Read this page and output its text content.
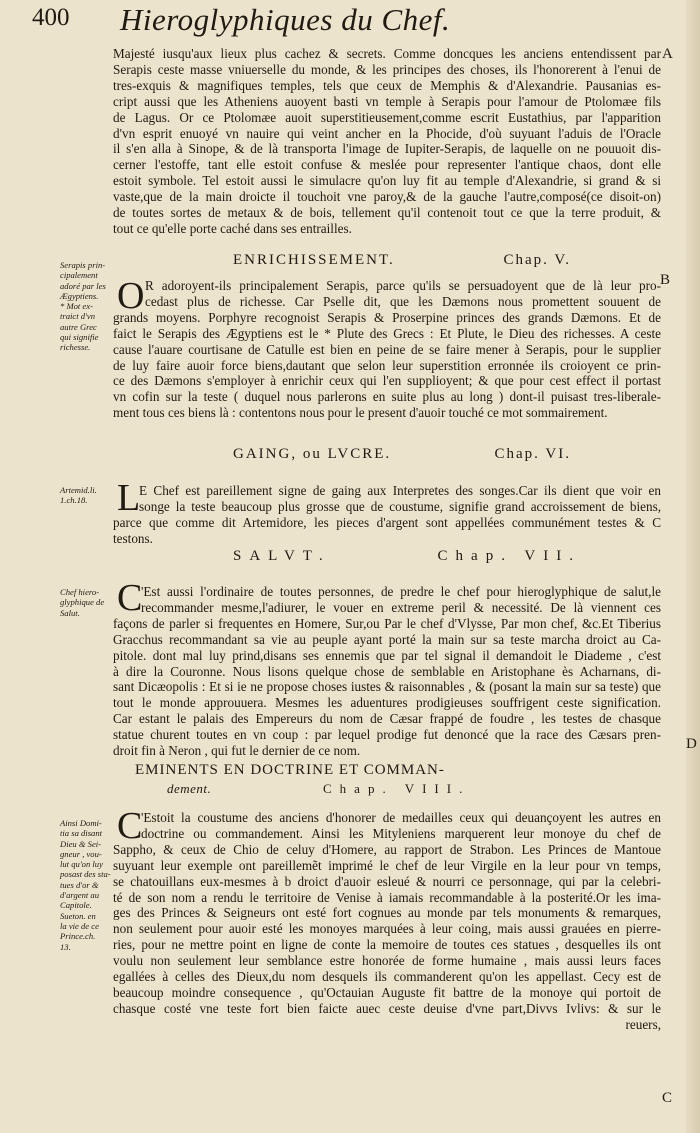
400 Hieroglyphiques du Chef.
A
B
C
D
Majesté iusqu'aux lieux plus cachez & secrets. Comme doncques les anciens entendissent par
Serapis ceste masse vniuerselle du monde, & les principes des choses, ils l'honorerent à l'enui de
tres-exquis & magnifiques temples, tels que ceux de Memphis & d'Alexandrie. Pausanias es-
cript aussi que les Atheniens auoyent basti vn temple à Serapis pour l'amour de Ptolomæe fils
de Lagus. Or ce Ptolomæe auoit superstitieusement,comme escrit Eustathius, par l'apparition
d'vn esprit enuoyé vn nauire qui veint ancher en la Phocide, d'où suyuant l'aduis de l'Oracle
il s'en alla à Sinope, & de là transporta l'image de Iupiter-Serapis, de laquelle on ne pouuoit dis-
cerner l'estoffe, tant elle estoit confuse & meslée pour representer l'antique chaos, dont elle
estoit symbole. Tel estoit aussi le simulacre qu'on luy fit au temple d'Alexandrie, si grand & si
vaste,que de la main droicte il touchoit vne paroy,& de la gauche l'autre,composé(ce disoit-on)
de toutes sortes de metaux & de bois, tellement qu'il contenoit tout ce que la terre produit, &
tout ce qu'elle porte caché dans ses entrailles.
ENRICHISSEMENT.	Chap. V.
Serapis prin-
cipalement
adoré par les
Ægyptiens.
* Mot ex-
traict d'vn
autre Grec
qui signifie
richesse.
O R adoroyent-ils principalement Serapis, parce qu'ils se persuadoyent que de là leur pro-
cedast plus de richesse. Car Pselle dit, que les Dæmons nous promettent souuent de
grands moyens. Porphyre recognoist Serapis & Proserpine princes des grands Dæmons. Et de
faict le Serapis des Ægyptiens est le * Plute des Grecs : Et Plute, le Dieu des richesses. A ceste
cause l'auare courtisane de Catulle est bien en peine de se faire mener à Serapis, pour le supplier
de luy faire auoir force biens,dautant que selon leur superstition erronnée ils croioyent ce prin-
ce des Dæmons s'employer à enrichir ceux qui l'en supplioyent; & que pour cest effect il portast
vn cofin sur la teste ( duquel nous parlerons en suite plus au long ) dont-il puisast tres-liberale-
ment tous ces biens là : contentons nous pour le present d'auoir touché ce mot sommairement.
GAING, ou LVCRE.	Chap. VI.
Artemid.li.
1.ch.18. L
E Chef est pareillement signe de gaing aux Interpretes des songes.Car ils dient que voir en
songe la teste beaucoup plus grosse que de coustume, signifie grand accroissement de biens,
parce que comme dit Artemidore, les pieces d'argent sont appellées communément testes & C
testons.
SALVT.	Chap. VII.
Chef hiero-
glyphique de
Salut. C
'Est aussi l'ordinaire de toutes personnes, de predre le chef pour hieroglyphique de salut,le
recommander mesme,l'adiurer, le vouer en extreme peril & necessité. De là viennent ces
façons de parler si frequentes en Homere, Sur,ou Par le chef d'Vlysse, Par mon chef, &c.Et Tiberius
Gracchus recommandant sa vie au peuple ayant porté la main sur sa teste marcha droict au Ca-
pitole. dont mal luy prind,disans ses ennemis que par tel signal il demandoit le Diademe , c'est
à dire la Couronne. Nous lisons quelque chose de semblable en Aristophane ès Acharnans, di-
sant Dicæopolis : Et si ie ne propose choses iustes & raisonnables , & (posant la main sur sa teste) que
tout le monde approuuera. Mesmes les aduentures prodigieuses souffrigent ceste signification.
Car estant le palais des Empereurs du nom de Cæsar frappé de foudre , les testes de chasque
statue churent toutes en vn coup : par lequel prodige fut denoncé que la race des Cæsars pren-
droit fin à Neron , qui fut le dernier de ce nom.
EMINENTS EN DOCTRINE ET COMMAN-
dement.	Chap. VIII.
Ainsi Domi-
tia sa disant
Dieu & Sei-
gneur , vou-
lut qu'on luy
posast des sta-
tues d'or &
d'argent au
Capitole.
Sueton. en
la vie de ce
Prince.ch.
13.
C
'Estoit la coustume des anciens d'honorer de medailles ceux qui deuançoyent les autres en
doctrine ou commandement. Ainsi les Mityleniens marquerent leur monoye du chef de
Sappho, & ceux de Chio de celuy d'Homere, au rapport de Strabon. Les Princes de Mantoue
suyuant leur exemple ont pareillemẽt imprimé le chef de leur Virgile en la leur pour vn temps,
se chatouillans eux-mesmes à b droict d'auoir esleué & nourri ce personnage, qui par la celebri-
té de son nom a rendu le territoire de Venise à iamais recommandable à la posterité.Or les ima-
ges des Princes & Seigneurs ont esté fort cognues au monde par tels monuments & remarques,
non seulement pour auoir esté les monoyes marquées à leur coing, mais aussi grauées en pierre-
ries, pour ne mettre point en ligne de conte la memoire de toutes ces statues , desquelles ils ont
voulu non seulement leur semblance estre honorée de forme humaine , mais aussi leurs faces
egallées à celles des Dieux,du nom desquels ils commanderent qu'on les appellast. Cecy est de
beaucoup moindre consequence , qu'Octauian Auguste fit battre de la monoye qui portoit de
chasque costé vne teste fort bien faicte auec ceste deuise d'vne part,Divvs Ivlivs: & sur le
reuers,
